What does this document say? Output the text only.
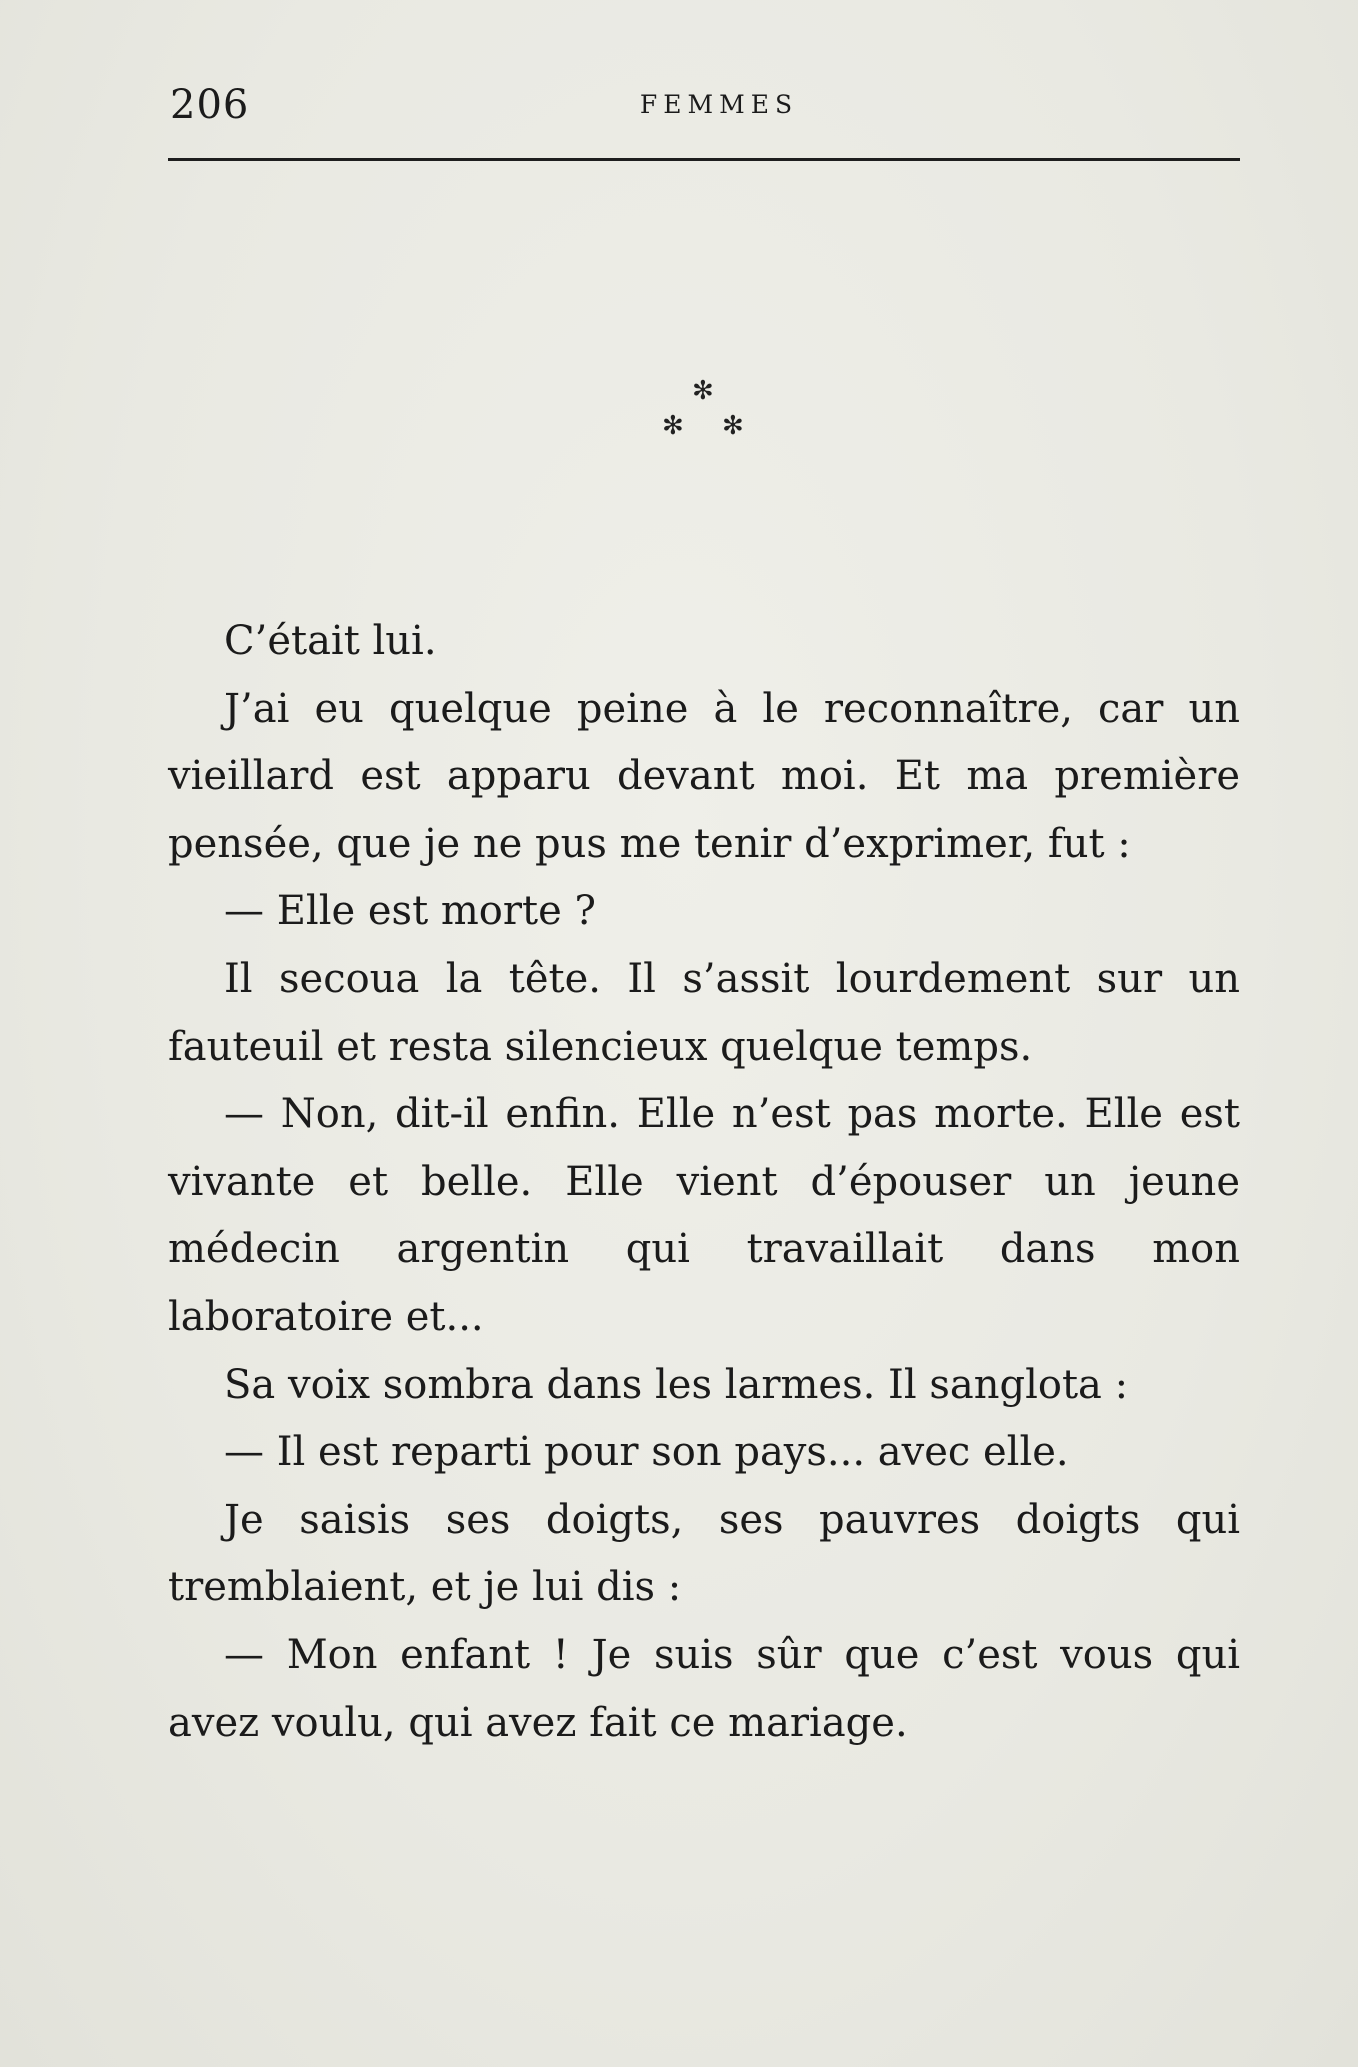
206	FEMMES
✻
✻ ✻

C’était lui.

J’ai eu quelque peine à le reconnaître, car un vieillard est apparu devant moi. Et ma première pensée, que je ne pus me tenir d’exprimer, fut :

— Elle est morte ?

Il secoua la tête. Il s’assit lourdement sur un fauteuil et resta silencieux quelque temps.

— Non, dit-il enfin. Elle n’est pas morte. Elle est vivante et belle. Elle vient d’épouser un jeune médecin argentin qui travaillait dans mon laboratoire et...

Sa voix sombra dans les larmes. Il sanglota :

— Il est reparti pour son pays... avec elle.

Je saisis ses doigts, ses pauvres doigts qui tremblaient, et je lui dis :

— Mon enfant ! Je suis sûr que c’est vous qui avez voulu, qui avez fait ce mariage.
